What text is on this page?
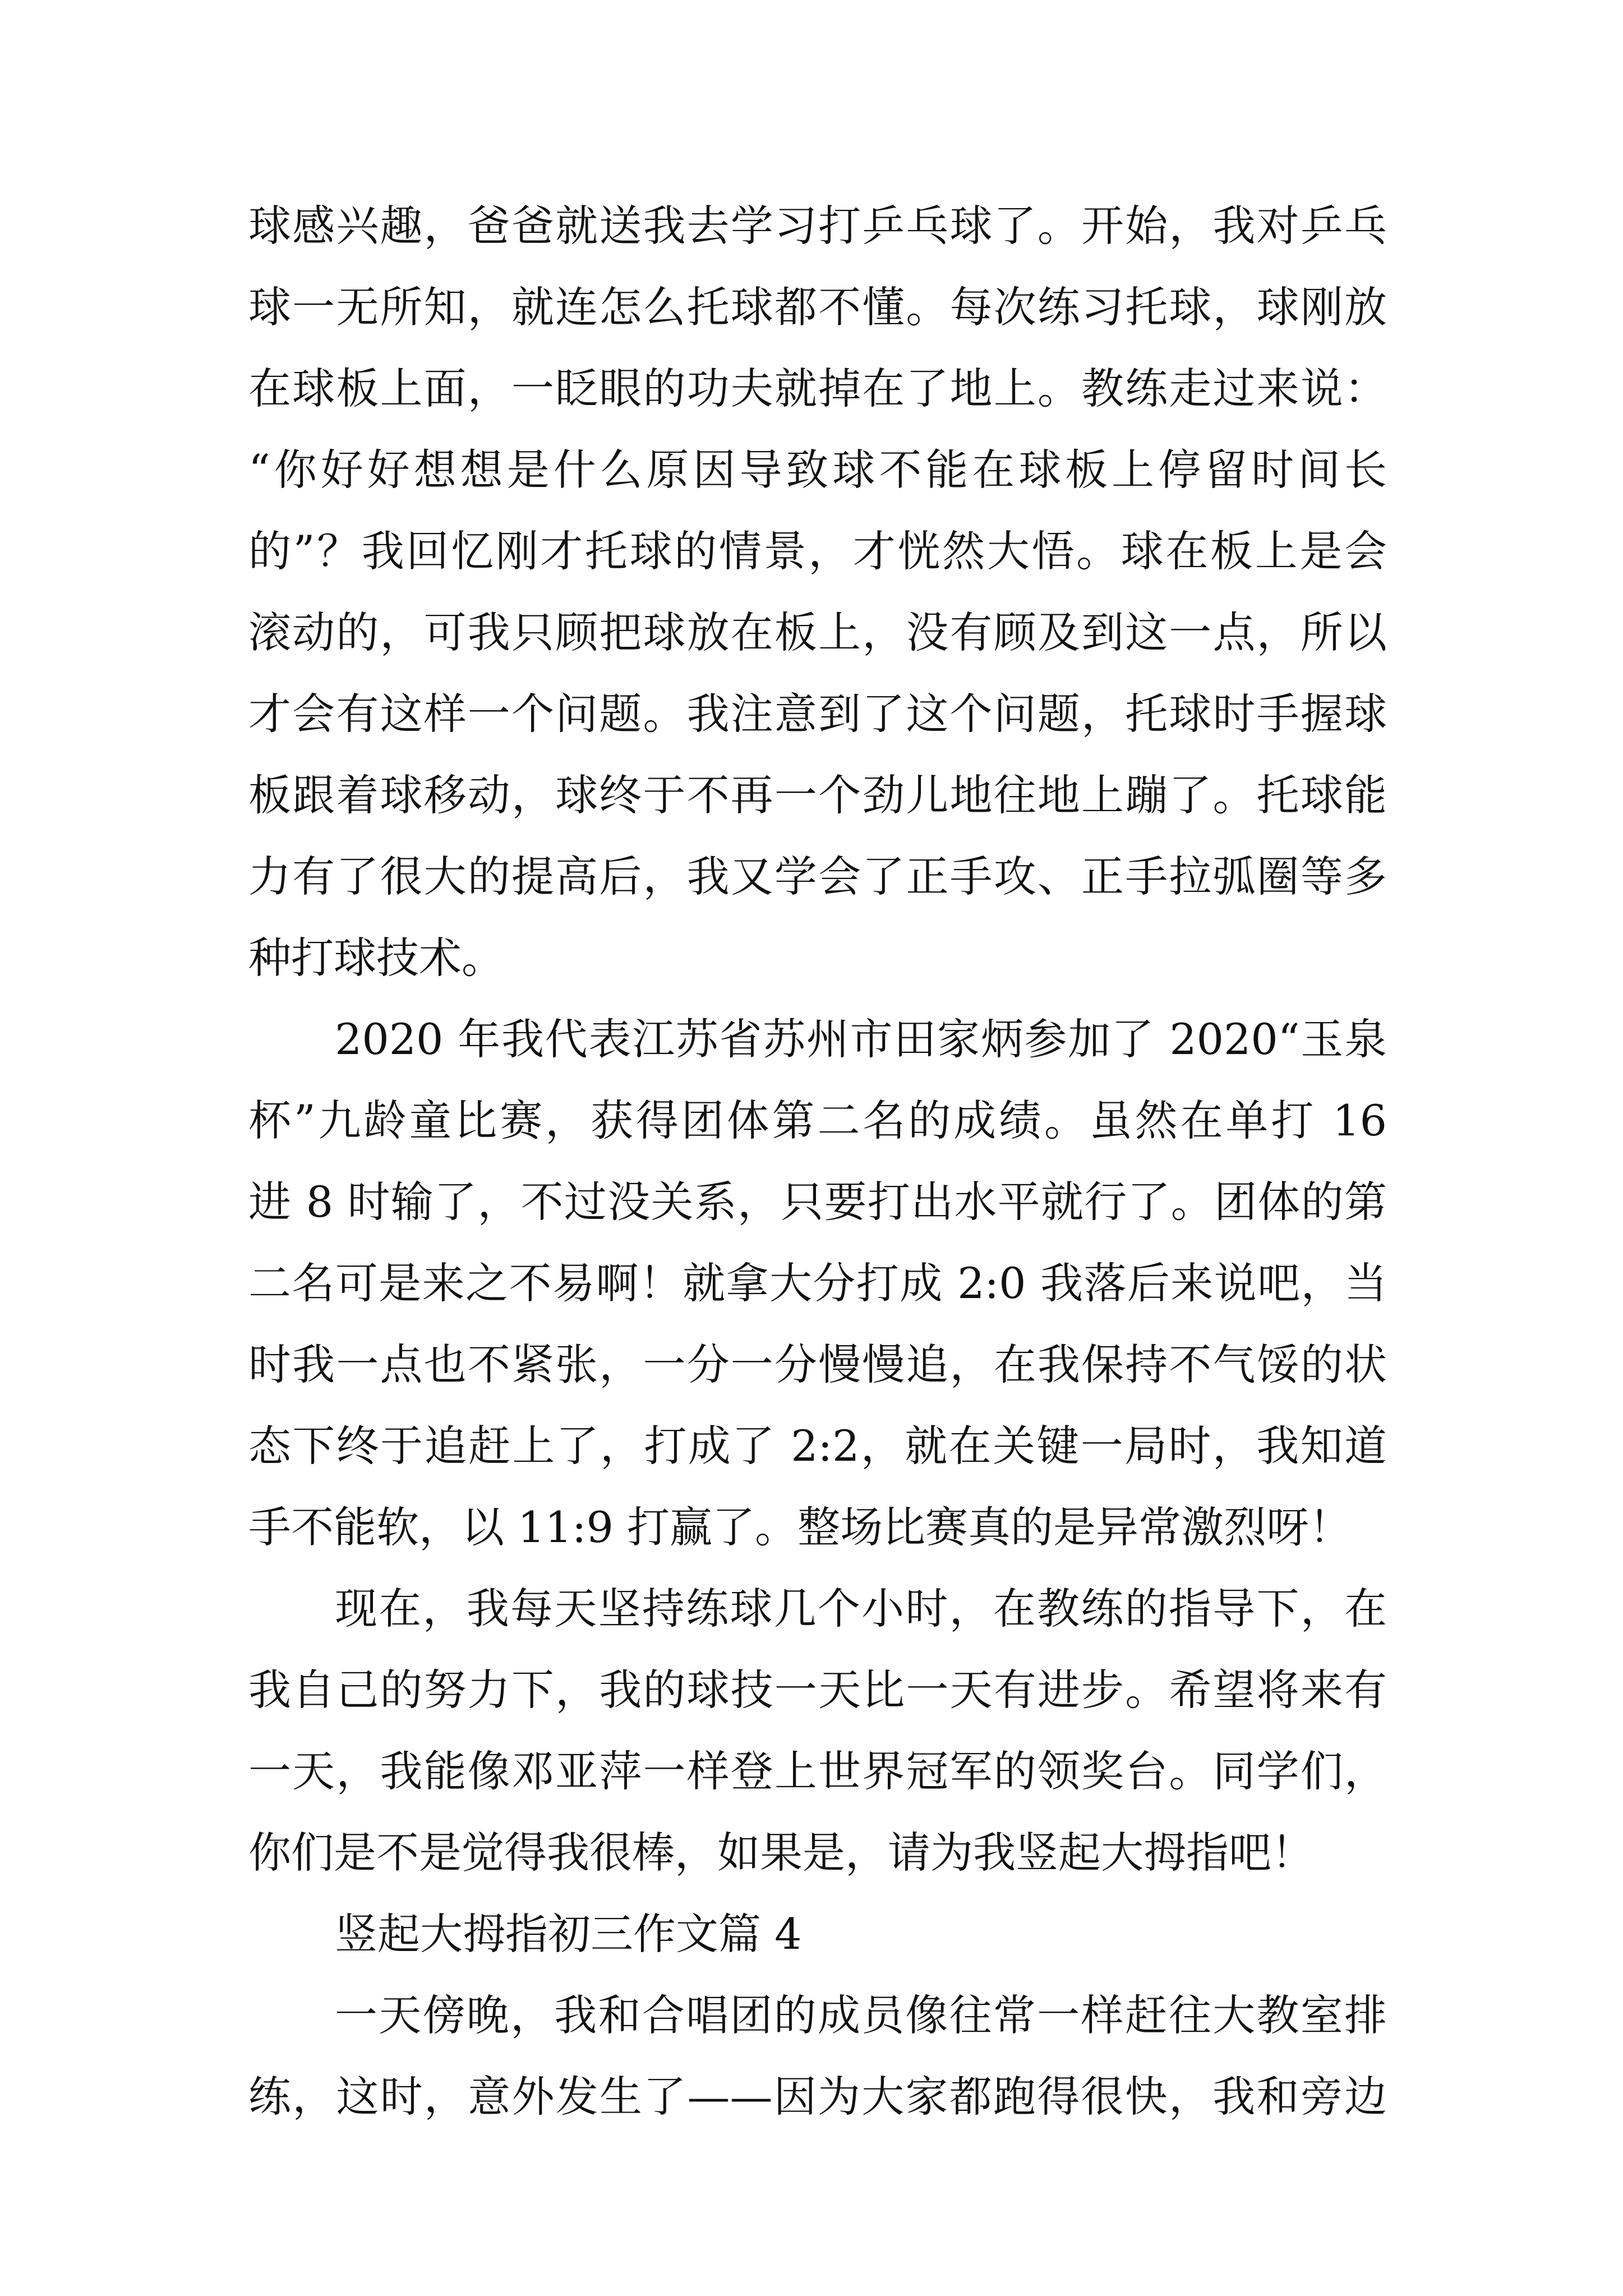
球感兴趣，爸爸就送我去学习打乒乓球了。开始，我对乒乓
球一无所知，就连怎么托球都不懂。每次练习托球，球刚放
在球板上面，一眨眼的功夫就掉在了地上。教练走过来说：
“你好好想想是什么原因导致球不能在球板上停留时间长
的”？我回忆刚才托球的情景，才恍然大悟。球在板上是会
滚动的，可我只顾把球放在板上，没有顾及到这一点，所以
才会有这样一个问题。我注意到了这个问题，托球时手握球
板跟着球移动，球终于不再一个劲儿地往地上蹦了。托球能
力有了很大的提高后，我又学会了正手攻、正手拉弧圈等多
种打球技术。
2020 年我代表江苏省苏州市田家炳参加了 2020“玉泉
杯”九龄童比赛，获得团体第二名的成绩。虽然在单打 16
进 8 时输了，不过没关系，只要打出水平就行了。团体的第
二名可是来之不易啊！就拿大分打成 2:0 我落后来说吧，当
时我一点也不紧张，一分一分慢慢追，在我保持不气馁的状
态下终于追赶上了，打成了 2:2，就在关键一局时，我知道
手不能软，以 11:9 打赢了。整场比赛真的是异常激烈呀！
现在，我每天坚持练球几个小时，在教练的指导下，在
我自己的努力下，我的球技一天比一天有进步。希望将来有
一天，我能像邓亚萍一样登上世界冠军的领奖台。同学们，
你们是不是觉得我很棒，如果是，请为我竖起大拇指吧！
竖起大拇指初三作文篇 4
一天傍晚，我和合唱团的成员像往常一样赶往大教室排
练，这时，意外发生了——因为大家都跑得很快，我和旁边
